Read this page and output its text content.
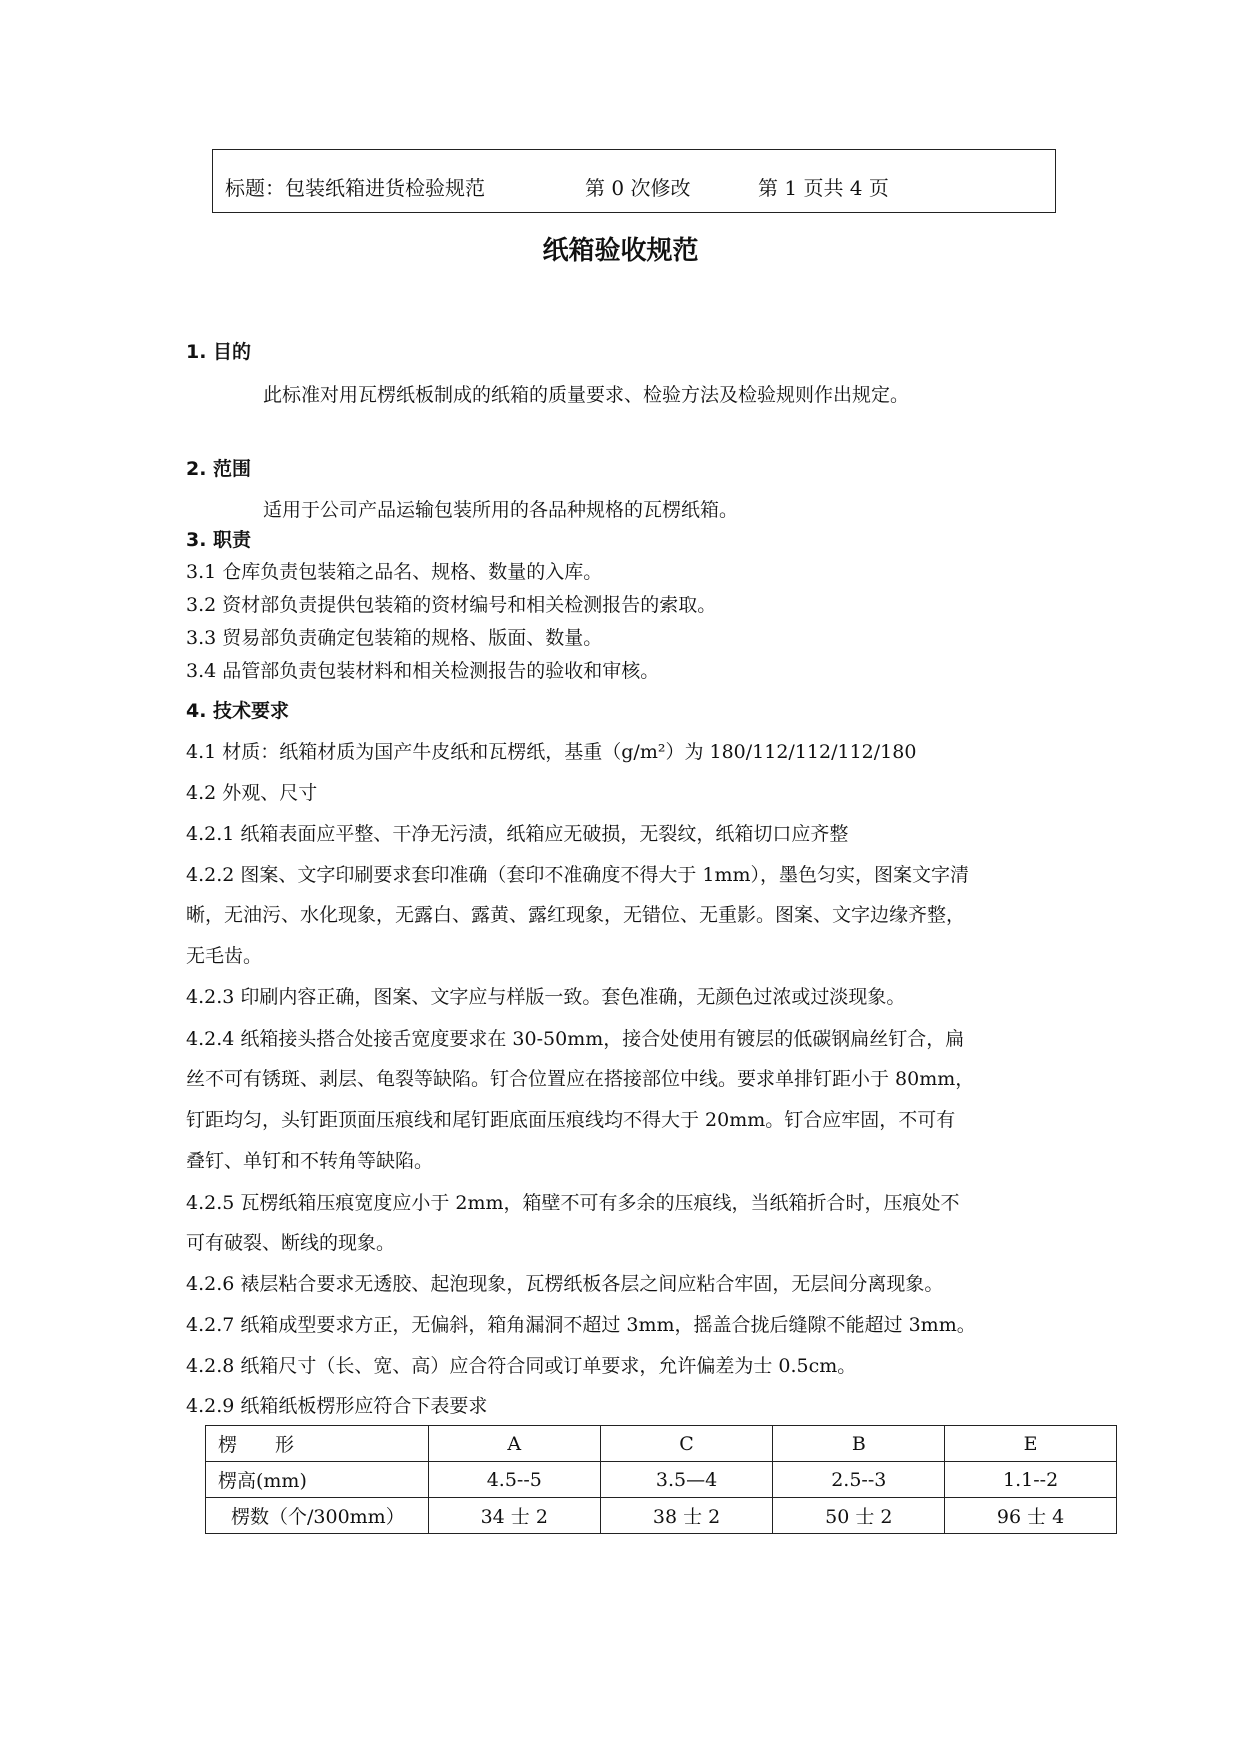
标题：包装纸箱进货检验规范	第 0 次修改	第 1 页共 4 页
纸箱验收规范
1. 目的
此标准对用瓦楞纸板制成的纸箱的质量要求、检验方法及检验规则作出规定。
2. 范围
适用于公司产品运输包装所用的各品种规格的瓦楞纸箱。
3. 职责
3.1 仓库负责包装箱之品名、规格、数量的入库。
3.2 资材部负责提供包装箱的资材编号和相关检测报告的索取。
3.3 贸易部负责确定包装箱的规格、版面、数量。
3.4 品管部负责包装材料和相关检测报告的验收和审核。
4. 技术要求
4.1 材质：纸箱材质为国产牛皮纸和瓦楞纸，基重（g/m²）为 180/112/112/112/180
4.2 外观、尺寸
4.2.1 纸箱表面应平整、干净无污渍，纸箱应无破损，无裂纹，纸箱切口应齐整
4.2.2 图案、文字印刷要求套印准确（套印不准确度不得大于 1mm），墨色匀实，图案文字清
晰，无油污、水化现象，无露白、露黄、露红现象，无错位、无重影。图案、文字边缘齐整，
无毛齿。
4.2.3 印刷内容正确，图案、文字应与样版一致。套色准确，无颜色过浓或过淡现象。
4.2.4 纸箱接头搭合处接舌宽度要求在 30-50mm，接合处使用有镀层的低碳钢扁丝钉合，扁
丝不可有锈斑、剥层、龟裂等缺陷。钉合位置应在搭接部位中线。要求单排钉距小于 80mm，
钉距均匀，头钉距顶面压痕线和尾钉距底面压痕线均不得大于 20mm。钉合应牢固，不可有
叠钉、单钉和不转角等缺陷。
4.2.5 瓦楞纸箱压痕宽度应小于 2mm，箱壁不可有多余的压痕线，当纸箱折合时，压痕处不
可有破裂、断线的现象。
4.2.6 裱层粘合要求无透胶、起泡现象，瓦楞纸板各层之间应粘合牢固，无层间分离现象。
4.2.7 纸箱成型要求方正，无偏斜，箱角漏洞不超过 3mm，摇盖合拢后缝隙不能超过 3mm。
4.2.8 纸箱尺寸（长、宽、高）应合符合同或订单要求，允许偏差为士 0.5cm。
4.2.9 纸箱纸板楞形应符合下表要求
楞　　形	A	C	B	E
楞高(mm)	4.5--5	3.5—4	2.5--3	1.1--2
楞数（个/300mm）	34 士 2	38 士 2	50 士 2	96 士 4
